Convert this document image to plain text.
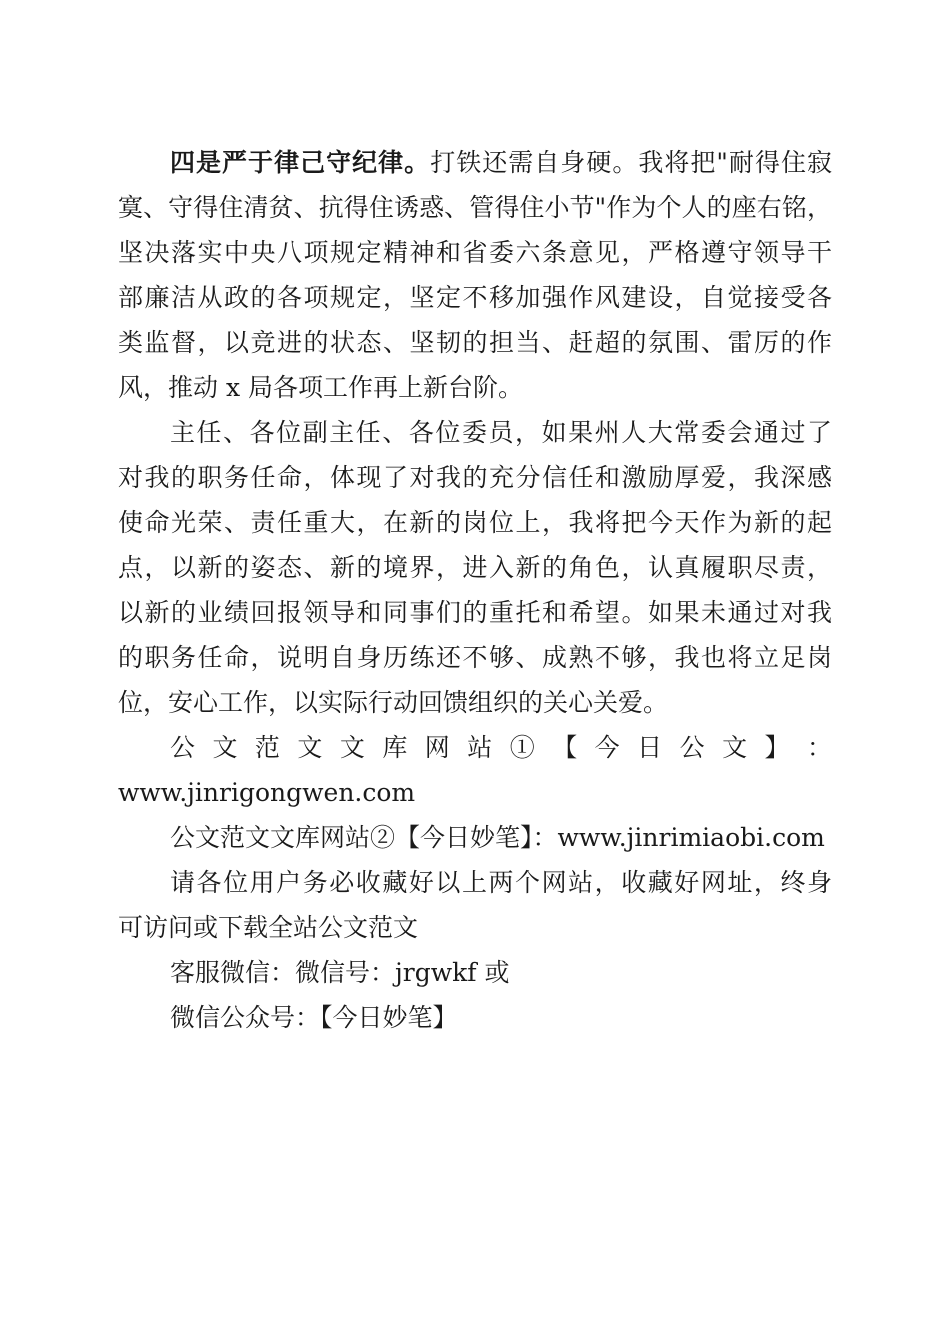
四是严于律己守纪律。打铁还需自身硬。我将把"耐得住寂
寞、守得住清贫、抗得住诱惑、管得住小节"作为个人的座右铭，
坚决落实中央八项规定精神和省委六条意见，严格遵守领导干
部廉洁从政的各项规定，坚定不移加强作风建设，自觉接受各
类监督，以竞进的状态、坚韧的担当、赶超的氛围、雷厉的作
风，推动 x 局各项工作再上新台阶。
主任、各位副主任、各位委员，如果州人大常委会通过了
对我的职务任命，体现了对我的充分信任和激励厚爱，我深感
使命光荣、责任重大，在新的岗位上，我将把今天作为新的起
点，以新的姿态、新的境界，进入新的角色，认真履职尽责，
以新的业绩回报领导和同事们的重托和希望。如果未通过对我
的职务任命，说明自身历练还不够、成熟不够，我也将立足岗
位，安心工作，以实际行动回馈组织的关心关爱。
公 文 范 文 文 库 网 站 ① 【 今 日 公 文 】 ：
www.jinrigongwen.com
公文范文文库网站②【今日妙笔】：www.jinrimiaobi.com
请各位用户务必收藏好以上两个网站，收藏好网址，终身
可访问或下载全站公文范文
客服微信：微信号：jrgwkf 或
微信公众号：【今日妙笔】
